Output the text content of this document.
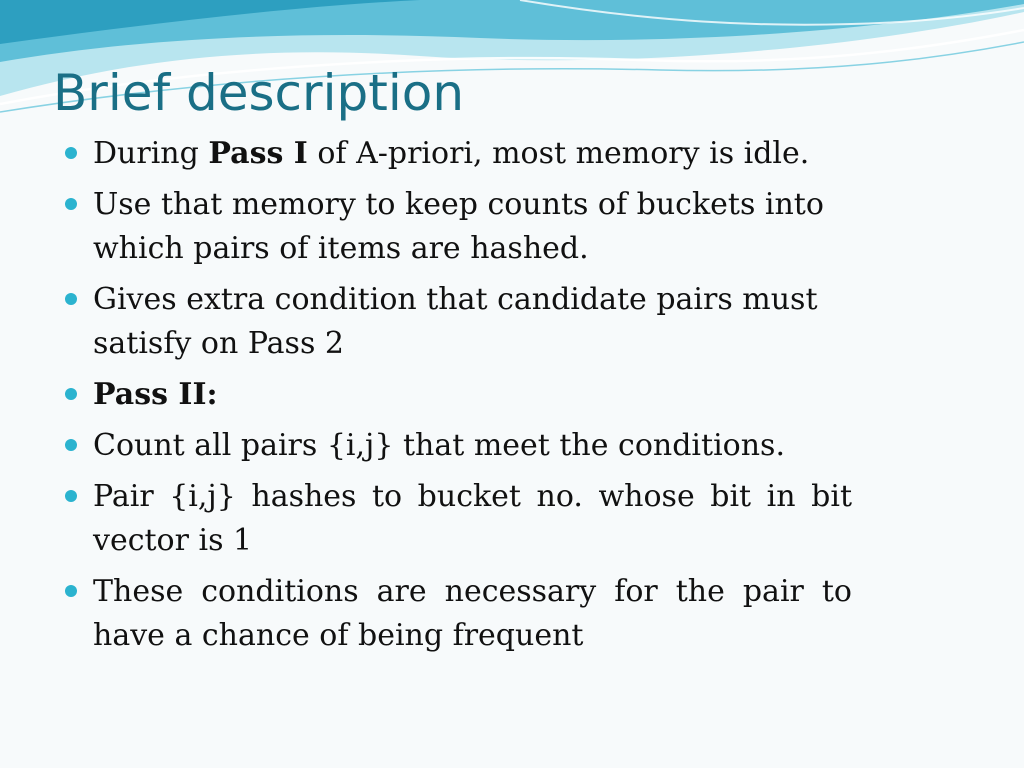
Brief description
During Pass I of A-priori, most memory is idle.
Use that memory to keep counts of buckets into which pairs of items are hashed.
Gives extra condition that candidate pairs must satisfy on Pass 2
Pass II:
Count all pairs {i,j} that meet the conditions.
Pair {i,j} hashes to bucket no. whose bit in bit vector is 1
These conditions are necessary for the pair to have a chance of being frequent
